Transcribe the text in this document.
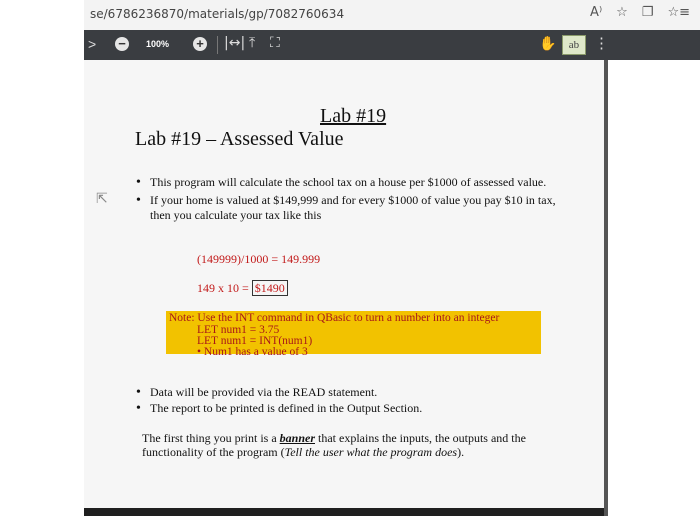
se/6786236870/materials/gp/7082760634	A⁾ ☆ ❐ ☆≡
> −	100% + |↔| ⤒ ⛶	✋	ab ⋮
⇱
Lab #19
Lab #19 – Assessed Value
• This program will calculate the school tax on a house per $1000 of assessed value.
• If your home is valued at $149,999 and for every $1000 of value you pay $10 in tax, then you calculate your tax like this
(149999)/1000 = 149.999
149 x 10 = $1490
Note: Use the INT command in QBasic to turn a number into an integer
LET num1 = 3.75
LET num1 = INT(num1)
• Num1 has a value of 3
• Data will be provided via the READ statement.
• The report to be printed is defined in the Output Section.
The first thing you print is a banner that explains the inputs, the outputs and the functionality of the program (Tell the user what the program does).
